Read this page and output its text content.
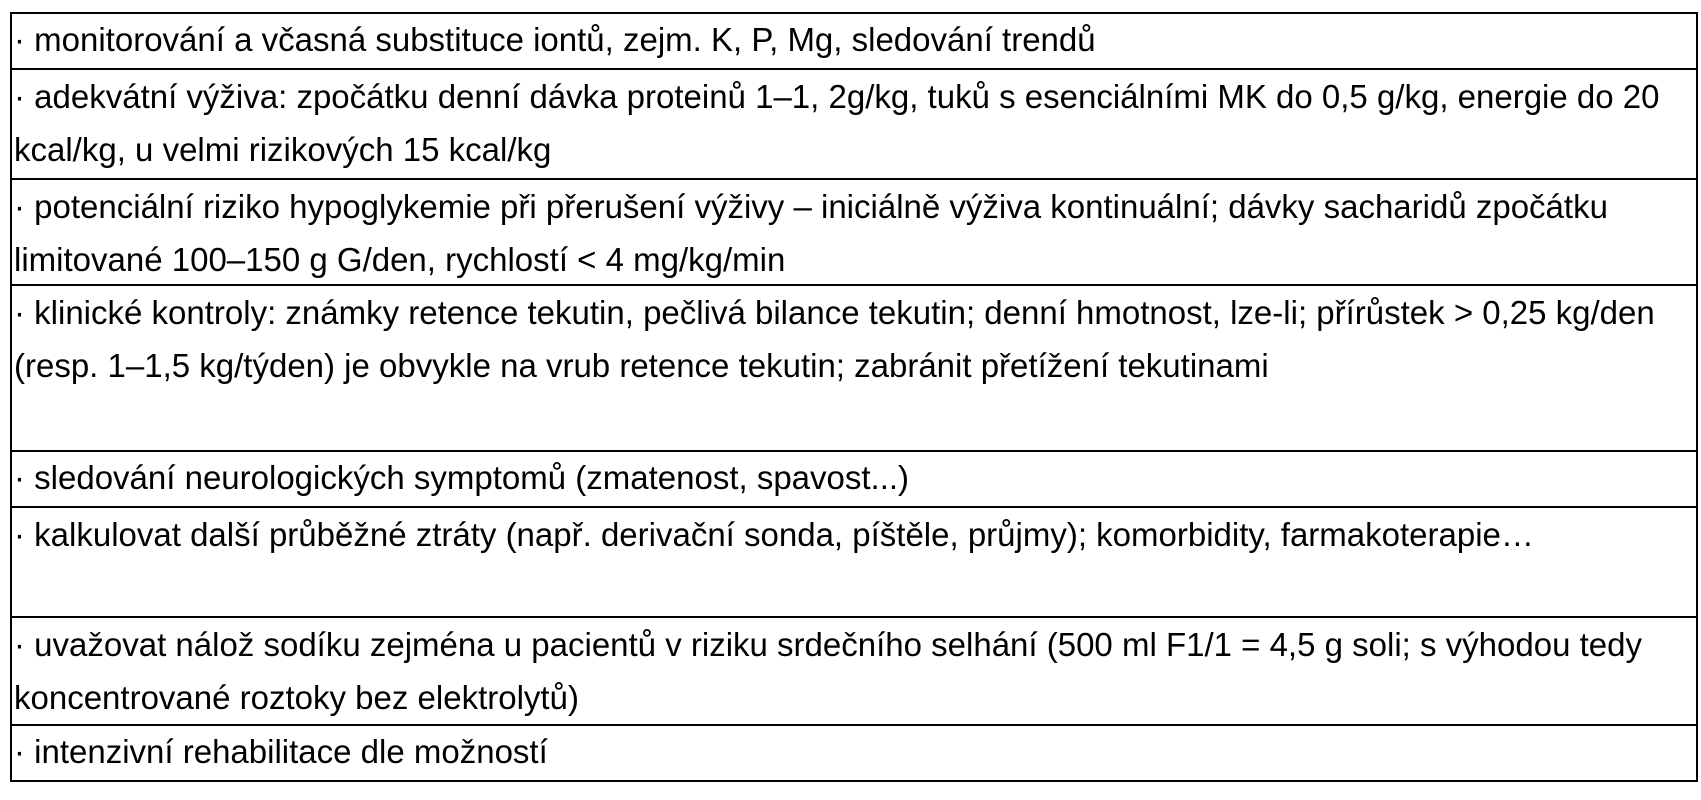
· monitorování a včasná substituce iontů, zejm. K, P, Mg, sledování trendů
· adekvátní výživa: zpočátku denní dávka proteinů 1–1, 2g/kg, tuků s esenciálními MK do 0,5 g/kg, energie do 20 kcal/kg, u velmi rizikových 15 kcal/kg
· potenciální riziko hypoglykemie při přerušení výživy – iniciálně výživa kontinuální; dávky sacharidů zpočátku limitované 100–150 g G/den, rychlostí < 4 mg/kg/min
· klinické kontroly: známky retence tekutin, pečlivá bilance tekutin; denní hmotnost, lze-li; přírůstek > 0,25 kg/den (resp. 1–1,5 kg/týden) je obvykle na vrub retence tekutin; zabránit přetížení tekutinami
· sledování neurologických symptomů (zmatenost, spavost...)
· kalkulovat další průběžné ztráty (např. derivační sonda, píštěle, průjmy); komorbidity, farmakoterapie…
· uvažovat nálož sodíku zejména u pacientů v riziku srdečního selhání (500 ml F1/1 = 4,5 g soli; s výhodou tedy koncentrované roztoky bez elektrolytů)
· intenzivní rehabilitace dle možností
